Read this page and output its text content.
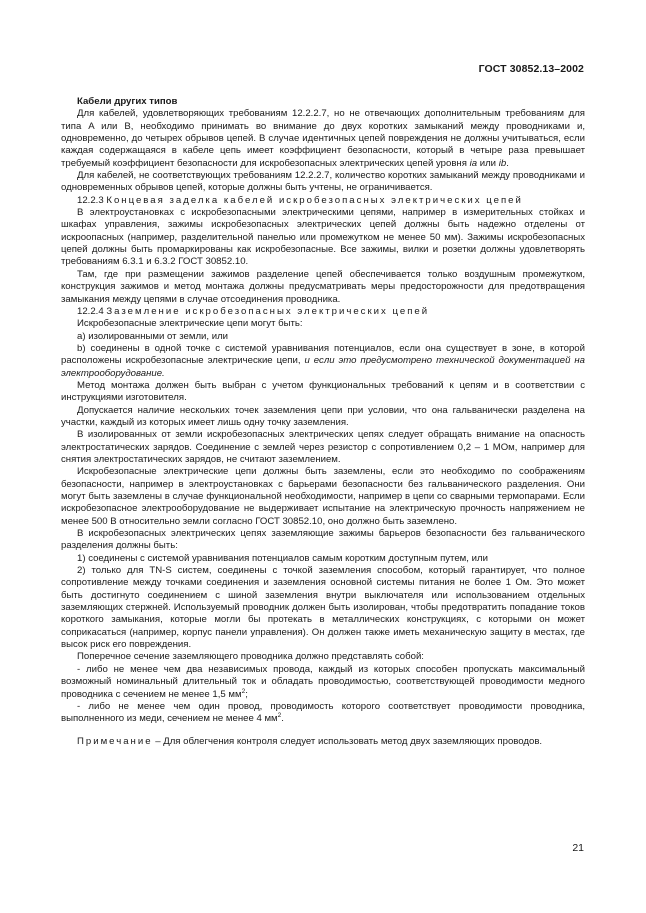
ГОСТ 30852.13–2002

Кабели других типов

Для кабелей, удовлетворяющих требованиям 12.2.2.7, но не отвечающих дополнительным требованиям для типа A или B, необходимо принимать во внимание до двух коротких замыканий между проводниками и, одновременно, до четырех обрывов цепей. В случае идентичных цепей повреждения не должны учитываться, если каждая содержащаяся в кабеле цепь имеет коэффициент безопасности, который в четыре раза превышает требуемый коэффициент безопасности для искробезопасных электрических цепей уровня ia или ib.

Для кабелей, не соответствующих требованиям 12.2.2.7, количество коротких замыканий между проводниками и одновременных обрывов цепей, которые должны быть учтены, не ограничивается.

12.2.3 Концевая заделка кабелей искробезопасных электрических цепей

В электроустановках с искробезопасными электрическими цепями, например в измерительных стойках и шкафах управления, зажимы искробезопасных электрических цепей должны быть надежно отделены от искроопасных (например, разделительной панелью или промежутком не менее 50 мм). Зажимы искробезопасных цепей должны быть промаркированы как искробезопасные. Все зажимы, вилки и розетки должны удовлетворять требованиям 6.3.1 и 6.3.2 ГОСТ 30852.10.

Там, где при размещении зажимов разделение цепей обеспечивается только воздушным промежутком, конструкция зажимов и метод монтажа должны предусматривать меры предосторожности для предотвращения замыкания между цепями в случае отсоединения проводника.

12.2.4 Заземление искробезопасных электрических цепей

Искробезопасные электрические цепи могут быть:

a) изолированными от земли, или

b) соединены в одной точке с системой уравнивания потенциалов, если она существует в зоне, в которой расположены искробезопасные электрические цепи, и если это предусмотрено технической документацией на электрооборудование.

Метод монтажа должен быть выбран с учетом функциональных требований к цепям и в соответствии с инструкциями изготовителя.

Допускается наличие нескольких точек заземления цепи при условии, что она гальванически разделена на участки, каждый из которых имеет лишь одну точку заземления.

В изолированных от земли искробезопасных электрических цепях следует обращать внимание на опасность электростатических зарядов. Соединение с землей через резистор с сопротивлением 0,2 – 1 МОм, например для снятия электростатических зарядов, не считают заземлением.

Искробезопасные электрические цепи должны быть заземлены, если это необходимо по соображениям безопасности, например в электроустановках с барьерами безопасности без гальванического разделения. Они могут быть заземлены в случае функциональной необходимости, например в цепи со сварными термопарами. Если искробезопасное электрооборудование не выдерживает испытание на электрическую прочность напряжением не менее 500 В относительно земли согласно ГОСТ 30852.10, оно должно быть заземлено.

В искробезопасных электрических цепях заземляющие зажимы барьеров безопасности без гальванического разделения должны быть:

1) соединены с системой уравнивания потенциалов самым коротким доступным путем, или

2) только для TN-S систем, соединены с точкой заземления способом, который гарантирует, что полное сопротивление между точками соединения и заземления основной системы питания не более 1 Ом. Это может быть достигнуто соединением с шиной заземления внутри выключателя или использованием отдельных заземляющих стержней. Используемый проводник должен быть изолирован, чтобы предотвратить попадание токов короткого замыкания, которые могли бы протекать в металлических конструкциях, с которыми он может соприкасаться (например, корпус панели управления). Он должен также иметь механическую защиту в местах, где высок риск его повреждения.

Поперечное сечение заземляющего проводника должно представлять собой:

- либо не менее чем два независимых провода, каждый из которых способен пропускать максимальный возможный номинальный длительный ток и обладать проводимостью, соответствующей проводимости медного проводника с сечением не менее 1,5 $мм^2$;

- либо не менее чем один провод, проводимость которого соответствует проводимости проводника, выполненного из меди, сечением не менее 4 $мм^2$.

Примечание – Для облегчения контроля следует использовать метод двух заземляющих проводов.

21
